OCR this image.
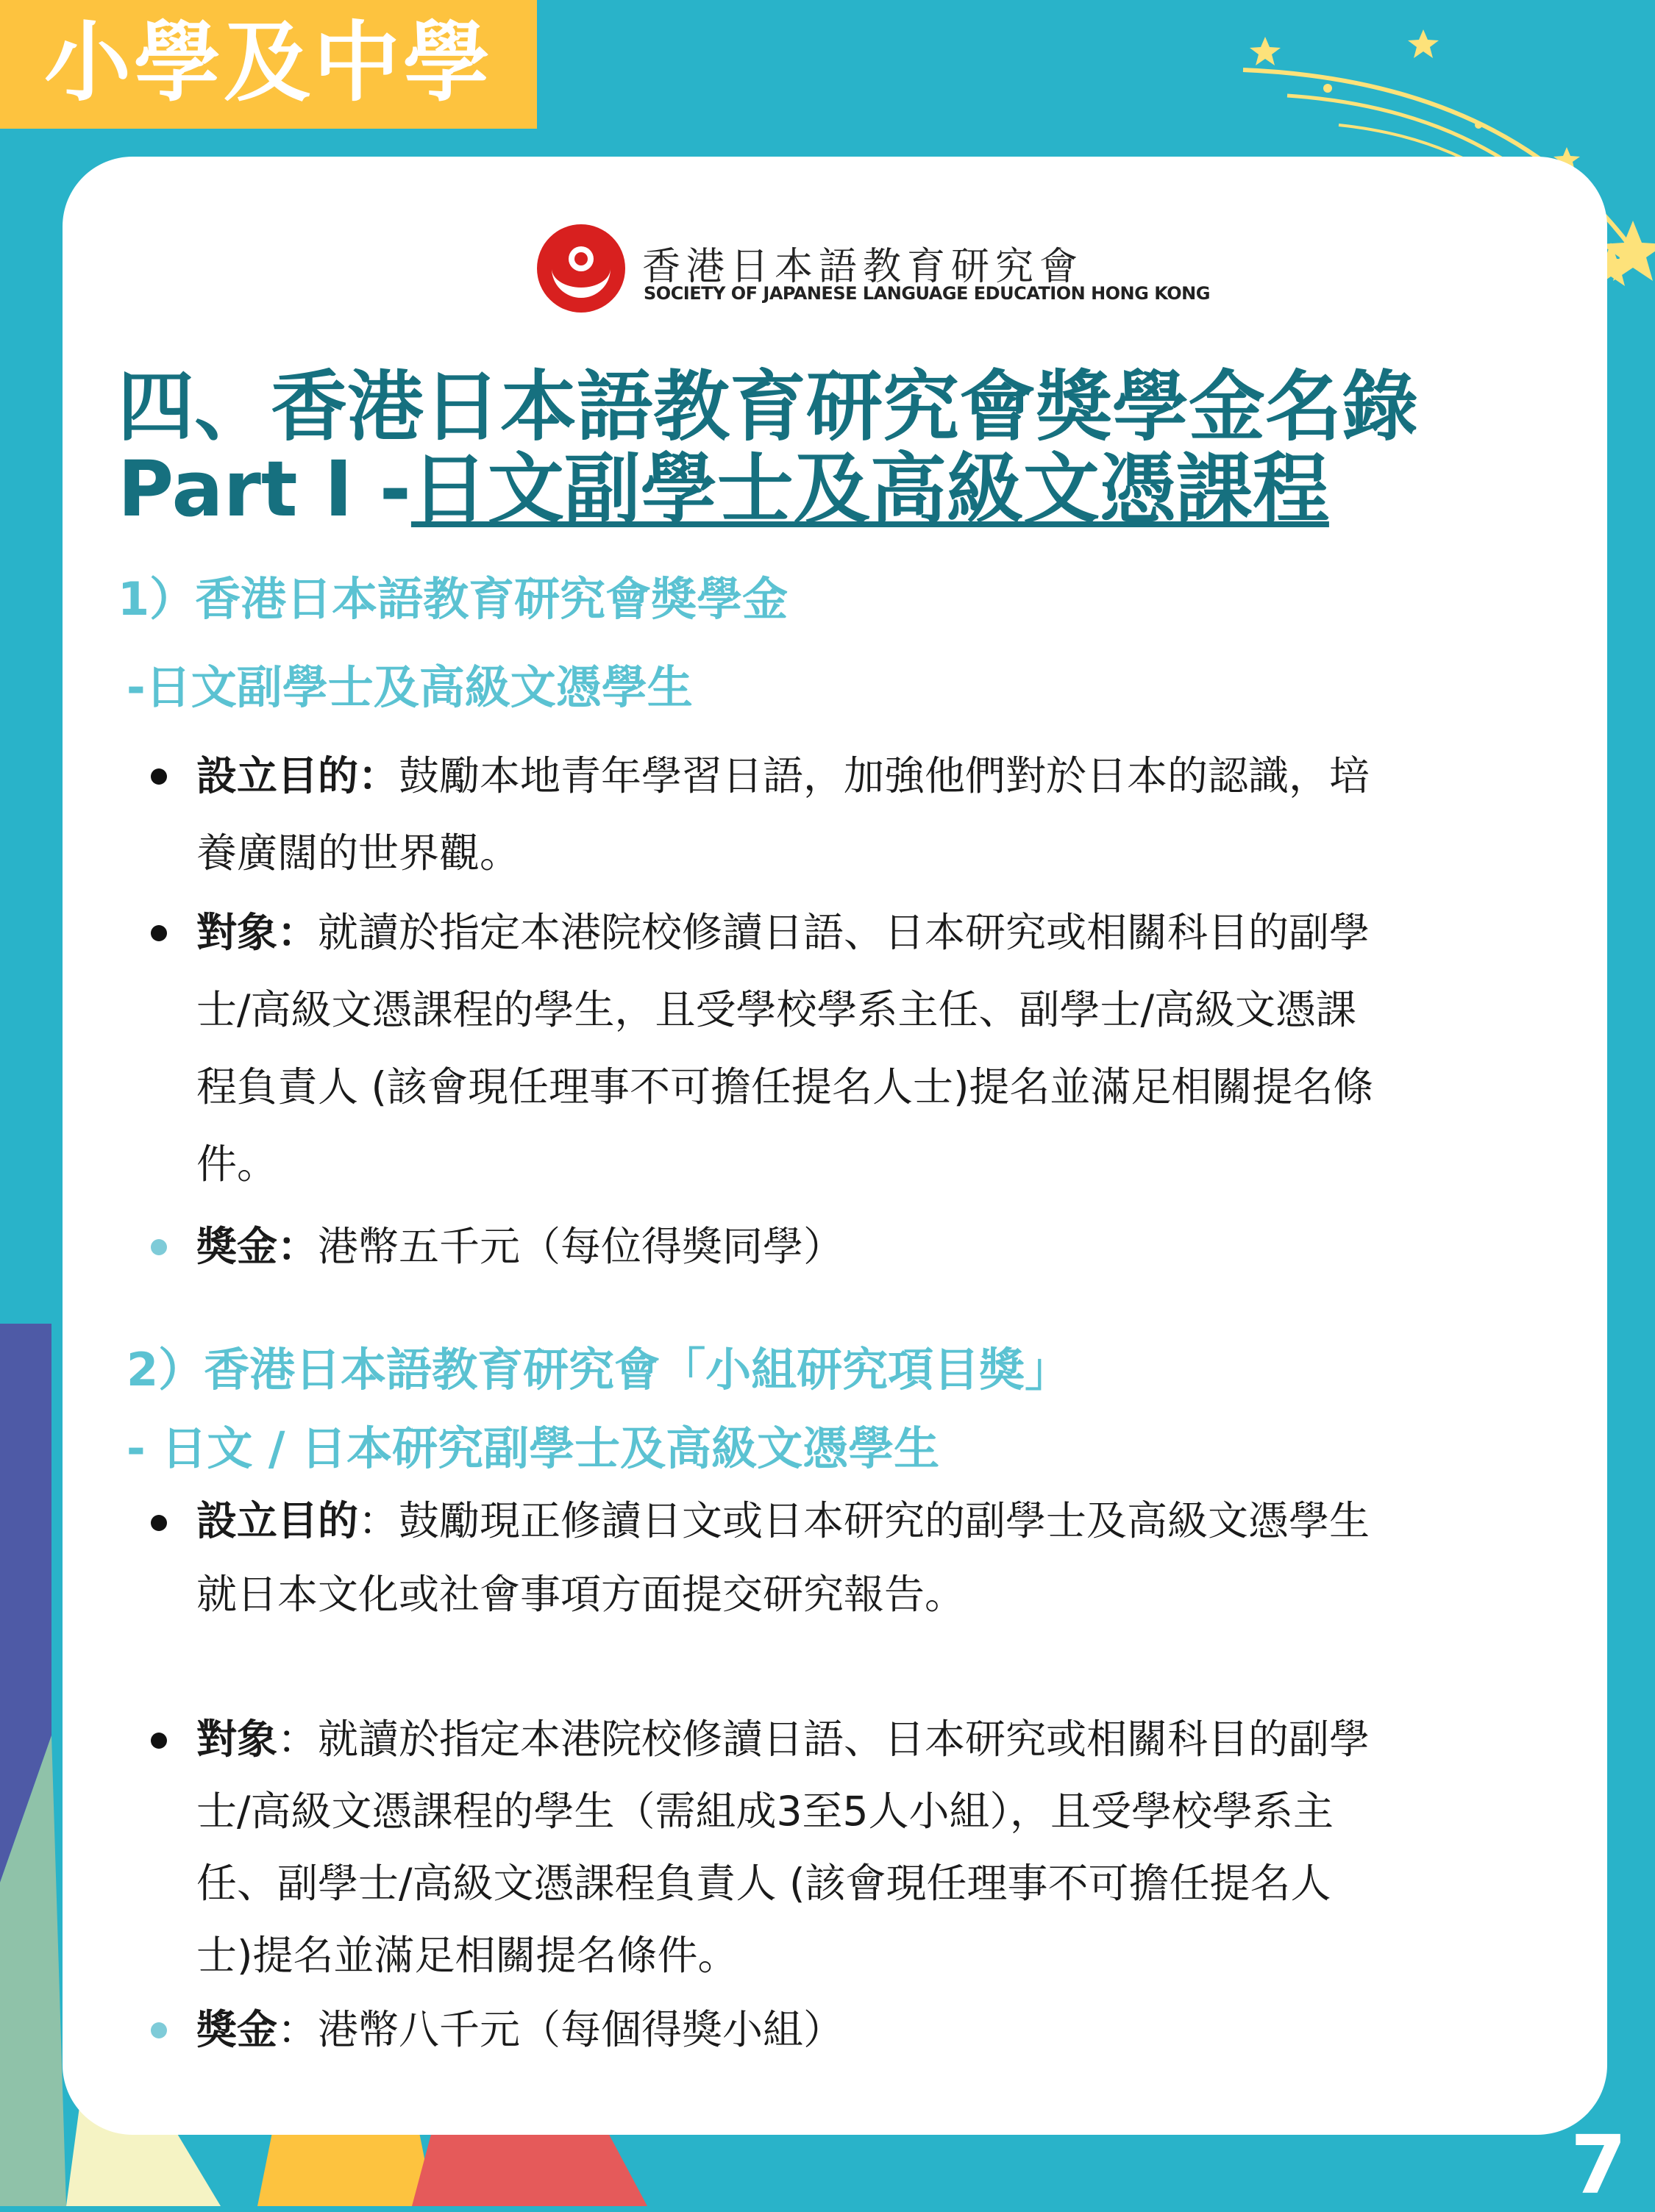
小學及中學
香港日本語教育研究會
SOCIETY OF JAPANESE LANGUAGE EDUCATION HONG KONG
四、香港日本語教育研究會獎學金名錄
Part I -日文副學士及高級文憑課程
1）香港日本語教育研究會獎學金
-日文副學士及高級文憑學生
設立目的：鼓勵本地青年學習日語，加強他們對於日本的認識，培
養廣闊的世界觀。
對象：就讀於指定本港院校修讀日語、日本研究或相關科目的副學
士/高級文憑課程的學生，且受學校學系主任、副學士/高級文憑課
程負責人 (該會現任理事不可擔任提名人士)提名並滿足相關提名條
件。
獎金：港幣五千元（每位得獎同學）
2）香港日本語教育研究會「小組研究項目獎」
- 日文 / 日本研究副學士及高級文憑學生
設立目的：鼓勵現正修讀日文或日本研究的副學士及高級文憑學生
就日本文化或社會事項方面提交研究報告。
對象：就讀於指定本港院校修讀日語、日本研究或相關科目的副學
士/高級文憑課程的學生（需組成3至5人小組），且受學校學系主
任、副學士/高級文憑課程負責人 (該會現任理事不可擔任提名人
士)提名並滿足相關提名條件。
獎金：港幣八千元（每個得獎小組）
7
